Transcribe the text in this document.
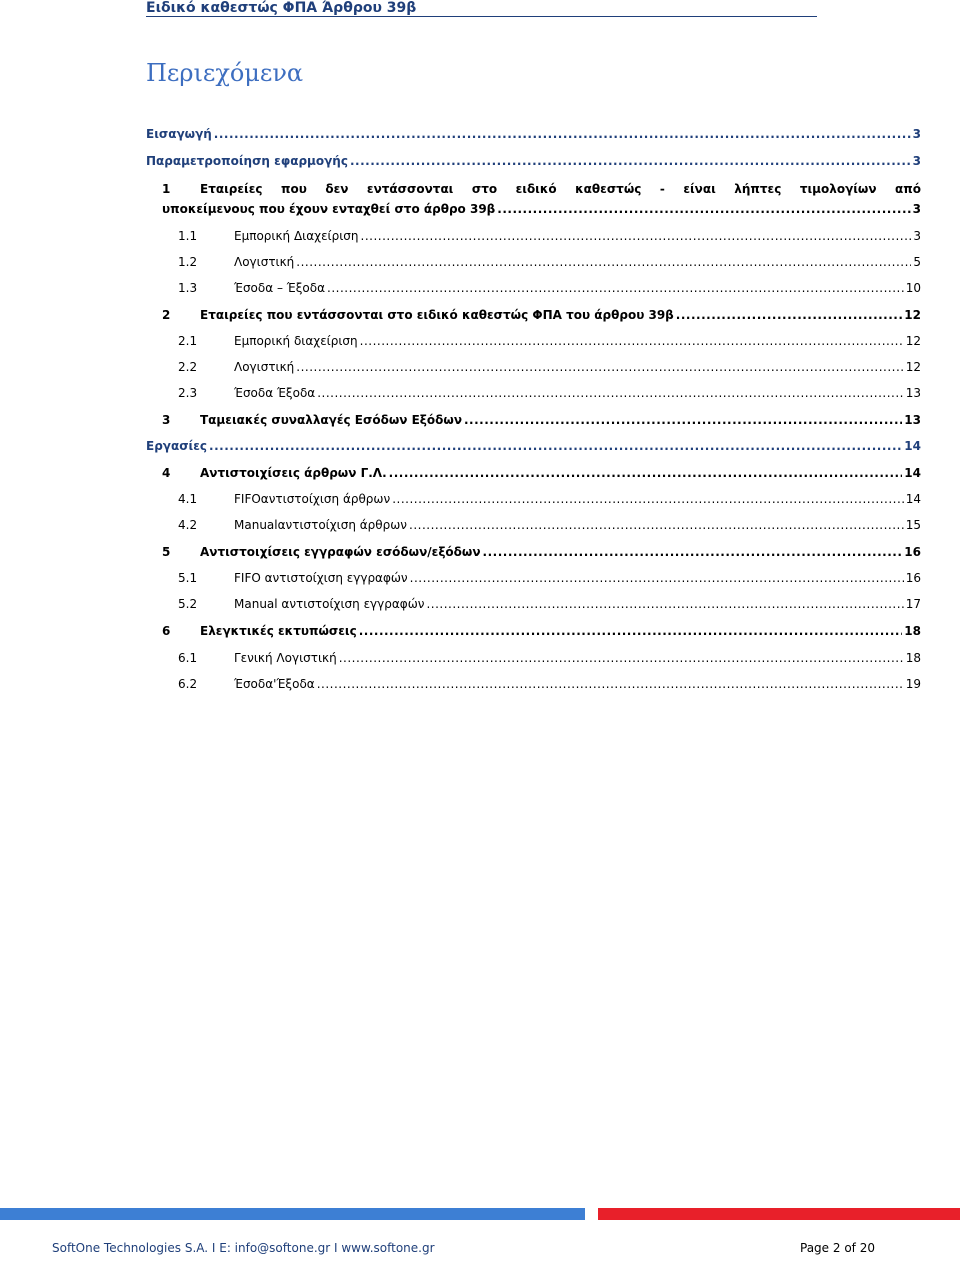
Ειδικό καθεστώς ΦΠΑ Άρθρου 39β
Περιεχόμενα
Εισαγωγή .....	3
Παραμετροποίηση εφαρμογής .....	3
1	Εταιρείες που δεν εντάσσονται στο ειδικό καθεστώς - είναι λήπτες τιμολογίων από
υποκείμενους που έχουν ενταχθεί στο άρθρο 39β .....	3
1.1	Εμπορική Διαχείριση .....	3
1.2	Λογιστική .....	5
1.3	Έσοδα – Έξοδα .....	10
2	Εταιρείες που εντάσσονται στο ειδικό καθεστώς ΦΠΑ του άρθρου 39β .....	12
2.1	Εμπορική διαχείριση .....	12
2.2	Λογιστική .....	12
2.3	Έσοδα Έξοδα .....	13
3	Ταμειακές συναλλαγές Εσόδων Εξόδων .....	13
Εργασίες .....	14
4	Αντιστοιχίσεις άρθρων Γ.Λ. .....	14
4.1	FIFOαντιστοίχιση άρθρων .....	14
4.2	Manualαντιστοίχιση άρθρων .....	15
5	Αντιστοιχίσεις εγγραφών εσόδων/εξόδων .....	16
5.1	FIFO αντιστοίχιση εγγραφών .....	16
5.2	Manual αντιστοίχιση εγγραφών .....	17
6	Ελεγκτικές εκτυπώσεις .....	18
6.1	Γενική Λογιστική .....	18
6.2	Έσοδα'Έξοδα .....	19
SoftOne Technologies S.A. I E: info@softone.gr I www.softone.gr	Page 2 of 20
